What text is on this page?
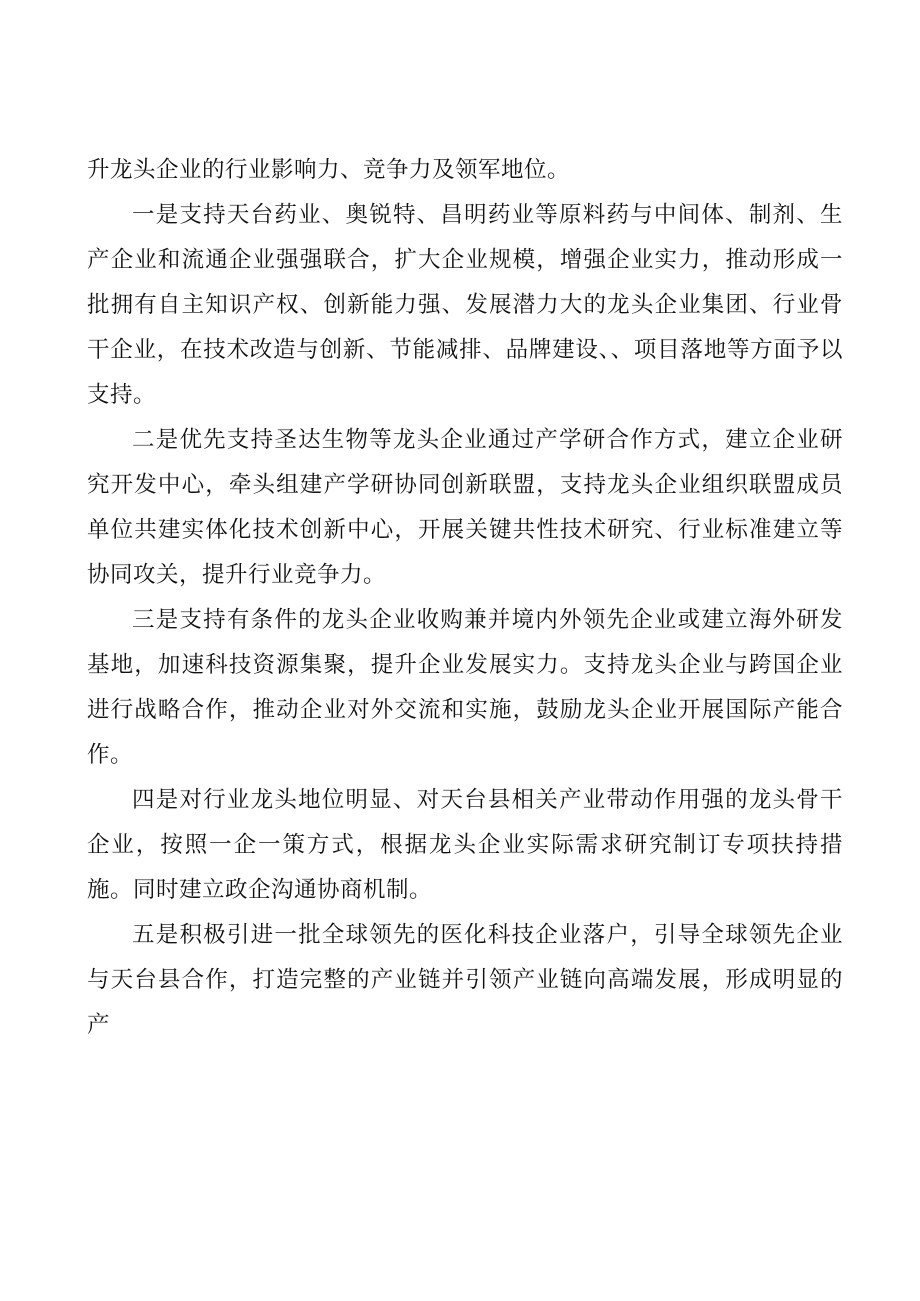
升龙头企业的行业影响力、竞争力及领军地位。

一是支持天台药业、奥锐特、昌明药业等原料药与中间体、制剂、生产企业和流通企业强强联合，扩大企业规模，增强企业实力，推动形成一批拥有自主知识产权、创新能力强、发展潜力大的龙头企业集团、行业骨干企业，在技术改造与创新、节能减排、品牌建设、、项目落地等方面予以支持。

二是优先支持圣达生物等龙头企业通过产学研合作方式，建立企业研究开发中心，牵头组建产学研协同创新联盟，支持龙头企业组织联盟成员单位共建实体化技术创新中心，开展关键共性技术研究、行业标准建立等协同攻关，提升行业竞争力。

三是支持有条件的龙头企业收购兼并境内外领先企业或建立海外研发基地，加速科技资源集聚，提升企业发展实力。支持龙头企业与跨国企业进行战略合作，推动企业对外交流和实施，鼓励龙头企业开展国际产能合作。

四是对行业龙头地位明显、对天台县相关产业带动作用强的龙头骨干企业，按照一企一策方式，根据龙头企业实际需求研究制订专项扶持措施。同时建立政企沟通协商机制。

五是积极引进一批全球领先的医化科技企业落户，引导全球领先企业与天台县合作，打造完整的产业链并引领产业链向高端发展，形成明显的产
